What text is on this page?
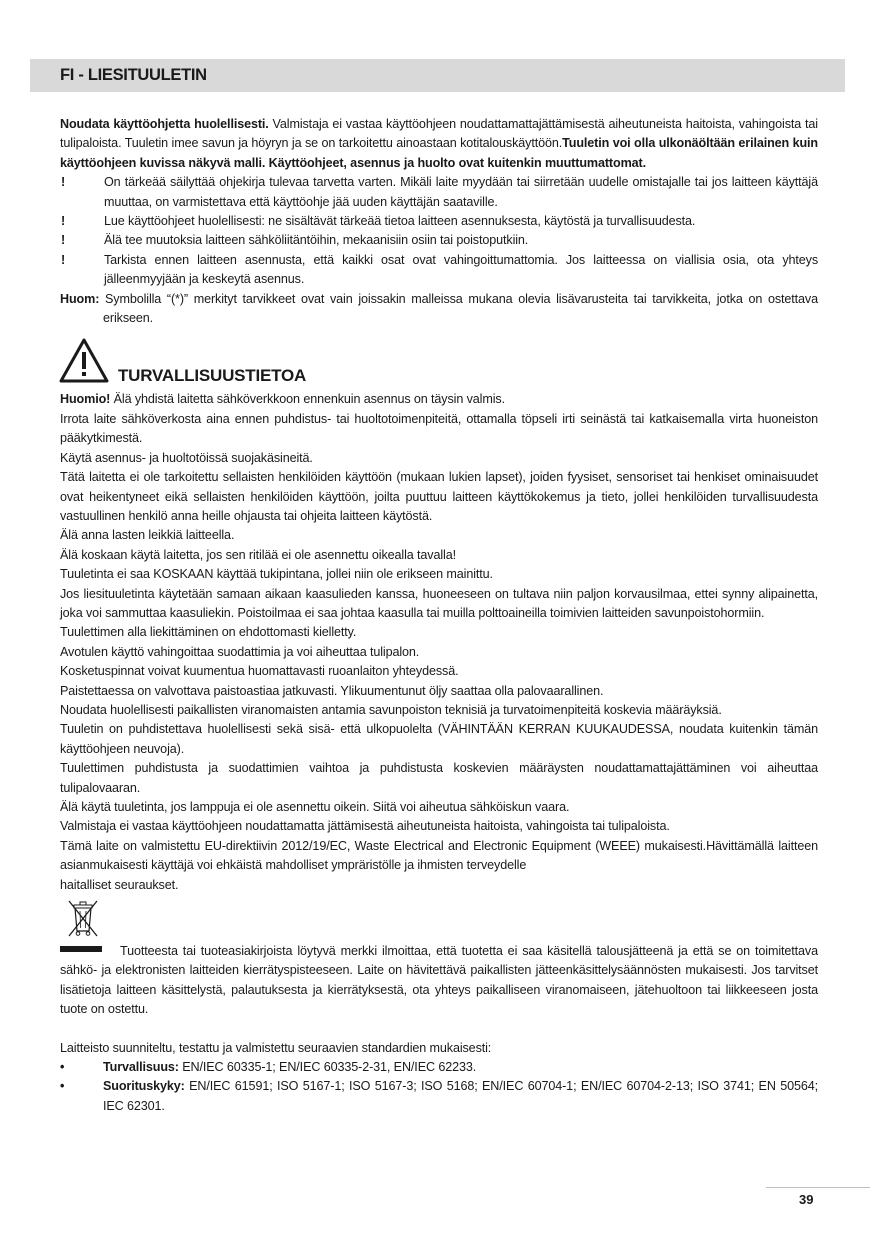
FI - LIESITUULETIN

Noudata käyttöohjetta huolellisesti. Valmistaja ei vastaa käyttöohjeen noudattamattajättämisestä aiheutuneista haitoista, vahingoista tai tulipaloista. Tuuletin imee savun ja höyryn ja se on tarkoitettu ainoastaan kotitalouskäyttöön.Tuuletin voi olla ulkonäöltään erilainen kuin käyttöohjeen kuvissa näkyvä malli. Käyttöohjeet, asennus ja huolto ovat kuitenkin muuttumattomat.

!	On tärkeää säilyttää ohjekirja tulevaa tarvetta varten. Mikäli laite myydään tai siirretään uudelle omistajalle tai jos laitteen käyttäjä muuttaa, on varmistettava että käyttöohje jää uuden käyttäjän saataville.
!	Lue käyttöohjeet huolellisesti: ne sisältävät tärkeää tietoa laitteen asennuksesta, käytöstä ja turvallisuudesta.
!	Älä tee muutoksia laitteen sähköliitäntöihin, mekaanisiin osiin tai poistoputkiin.
!	Tarkista ennen laitteen asennusta, että kaikki osat ovat vahingoittumattomia. Jos laitteessa on viallisia osia, ota yhteys jälleenmyyjään ja keskeytä asennus.

Huom: Symbolilla “(*)” merkityt tarvikkeet ovat vain joissakin malleissa mukana olevia lisävarusteita tai tarvikkeita, jotka on ostettava erikseen.

TURVALLISUUSTIETOA

Huomio! Älä yhdistä laitetta sähköverkkoon ennenkuin asennus on täysin valmis.

Irrota laite sähköverkosta aina ennen puhdistus- tai huoltotoimenpiteitä, ottamalla töpseli irti seinästä tai katkaisemalla virta huoneiston pääkytkimestä.

Käytä asennus- ja huoltotöissä suojakäsineitä.

Tätä laitetta ei ole tarkoitettu sellaisten henkilöiden käyttöön (mukaan lukien lapset), joiden fyysiset, sensoriset tai henkiset ominaisuudet ovat heikentyneet eikä sellaisten henkilöiden käyttöön, joilta puuttuu laitteen käyttökokemus ja tieto, jollei henkilöiden turvallisuudesta vastuullinen henkilö anna heille ohjausta tai ohjeita laitteen käytöstä.

Älä anna lasten leikkiä laitteella.

Älä koskaan käytä laitetta, jos sen ritilää ei ole asennettu oikealla tavalla!

Tuuletinta ei saa KOSKAAN käyttää tukipintana, jollei niin ole erikseen mainittu.

Jos liesituuletinta käytetään samaan aikaan kaasulieden kanssa, huoneeseen on tultava niin paljon korvausilmaa, ettei synny alipainetta, joka voi sammuttaa kaasuliekin. Poistoilmaa ei saa johtaa kaasulla tai muilla polttoaineilla toimivien laitteiden savunpoistohormiin.

Tuulettimen alla liekittäminen on ehdottomasti kielletty.

Avotulen käyttö vahingoittaa suodattimia ja voi aiheuttaa tulipalon.

Kosketuspinnat voivat kuumentua huomattavasti ruoanlaiton yhteydessä.

Paistettaessa on valvottava paistoastiaa jatkuvasti. Ylikuumentunut öljy saattaa olla palovaarallinen.

Noudata huolellisesti paikallisten viranomaisten antamia savunpoiston teknisiä ja turvatoimenpiteitä koskevia määräyksiä.

Tuuletin on puhdistettava huolellisesti sekä sisä- että ulkopuolelta (VÄHINTÄÄN KERRAN KUUKAUDESSA, noudata kuitenkin tämän käyttöohjeen neuvoja).

Tuulettimen puhdistusta ja suodattimien vaihtoa ja puhdistusta koskevien määräysten noudattamattajättäminen voi aiheuttaa tulipalovaaran.

Älä käytä tuuletinta, jos lamppuja ei ole asennettu oikein. Siitä voi aiheutua sähköiskun vaara.

Valmistaja ei vastaa käyttöohjeen noudattamatta jättämisestä aiheutuneista haitoista, vahingoista tai tulipaloista.

Tämä laite on valmistettu EU-direktiivin 2012/19/EC, Waste Electrical and Electronic Equipment (WEEE) mukaisesti.Hävittämällä laitteen asianmukaisesti käyttäjä voi ehkäistä mahdolliset ympräristölle ja ihmisten terveydelle

haitalliset seuraukset.

Tuotteesta tai tuoteasiakirjoista löytyvä merkki ilmoittaa, että tuotetta ei saa käsitellä talousjätteenä ja että se on toimitettava sähkö- ja elektronisten laitteiden kierrätyspisteeseen. Laite on hävitettävä paikallisten jätteenkäsittelysäännösten mukaisesti. Jos tarvitset lisätietoja laitteen käsittelystä, palautuksesta ja kierrätyksestä, ota yhteys paikalliseen viranomaiseen, jätehuoltoon tai liikkeeseen josta tuote on ostettu.

Laitteisto suunniteltu, testattu ja valmistettu seuraavien standardien mukaisesti:

•	Turvallisuus: EN/IEC 60335-1; EN/IEC 60335-2-31, EN/IEC 62233.
•	Suorituskyky: EN/IEC 61591; ISO 5167-1; ISO 5167-3; ISO 5168; EN/IEC 60704-1; EN/IEC 60704-2-13; ISO 3741; EN 50564; IEC 62301.

39
